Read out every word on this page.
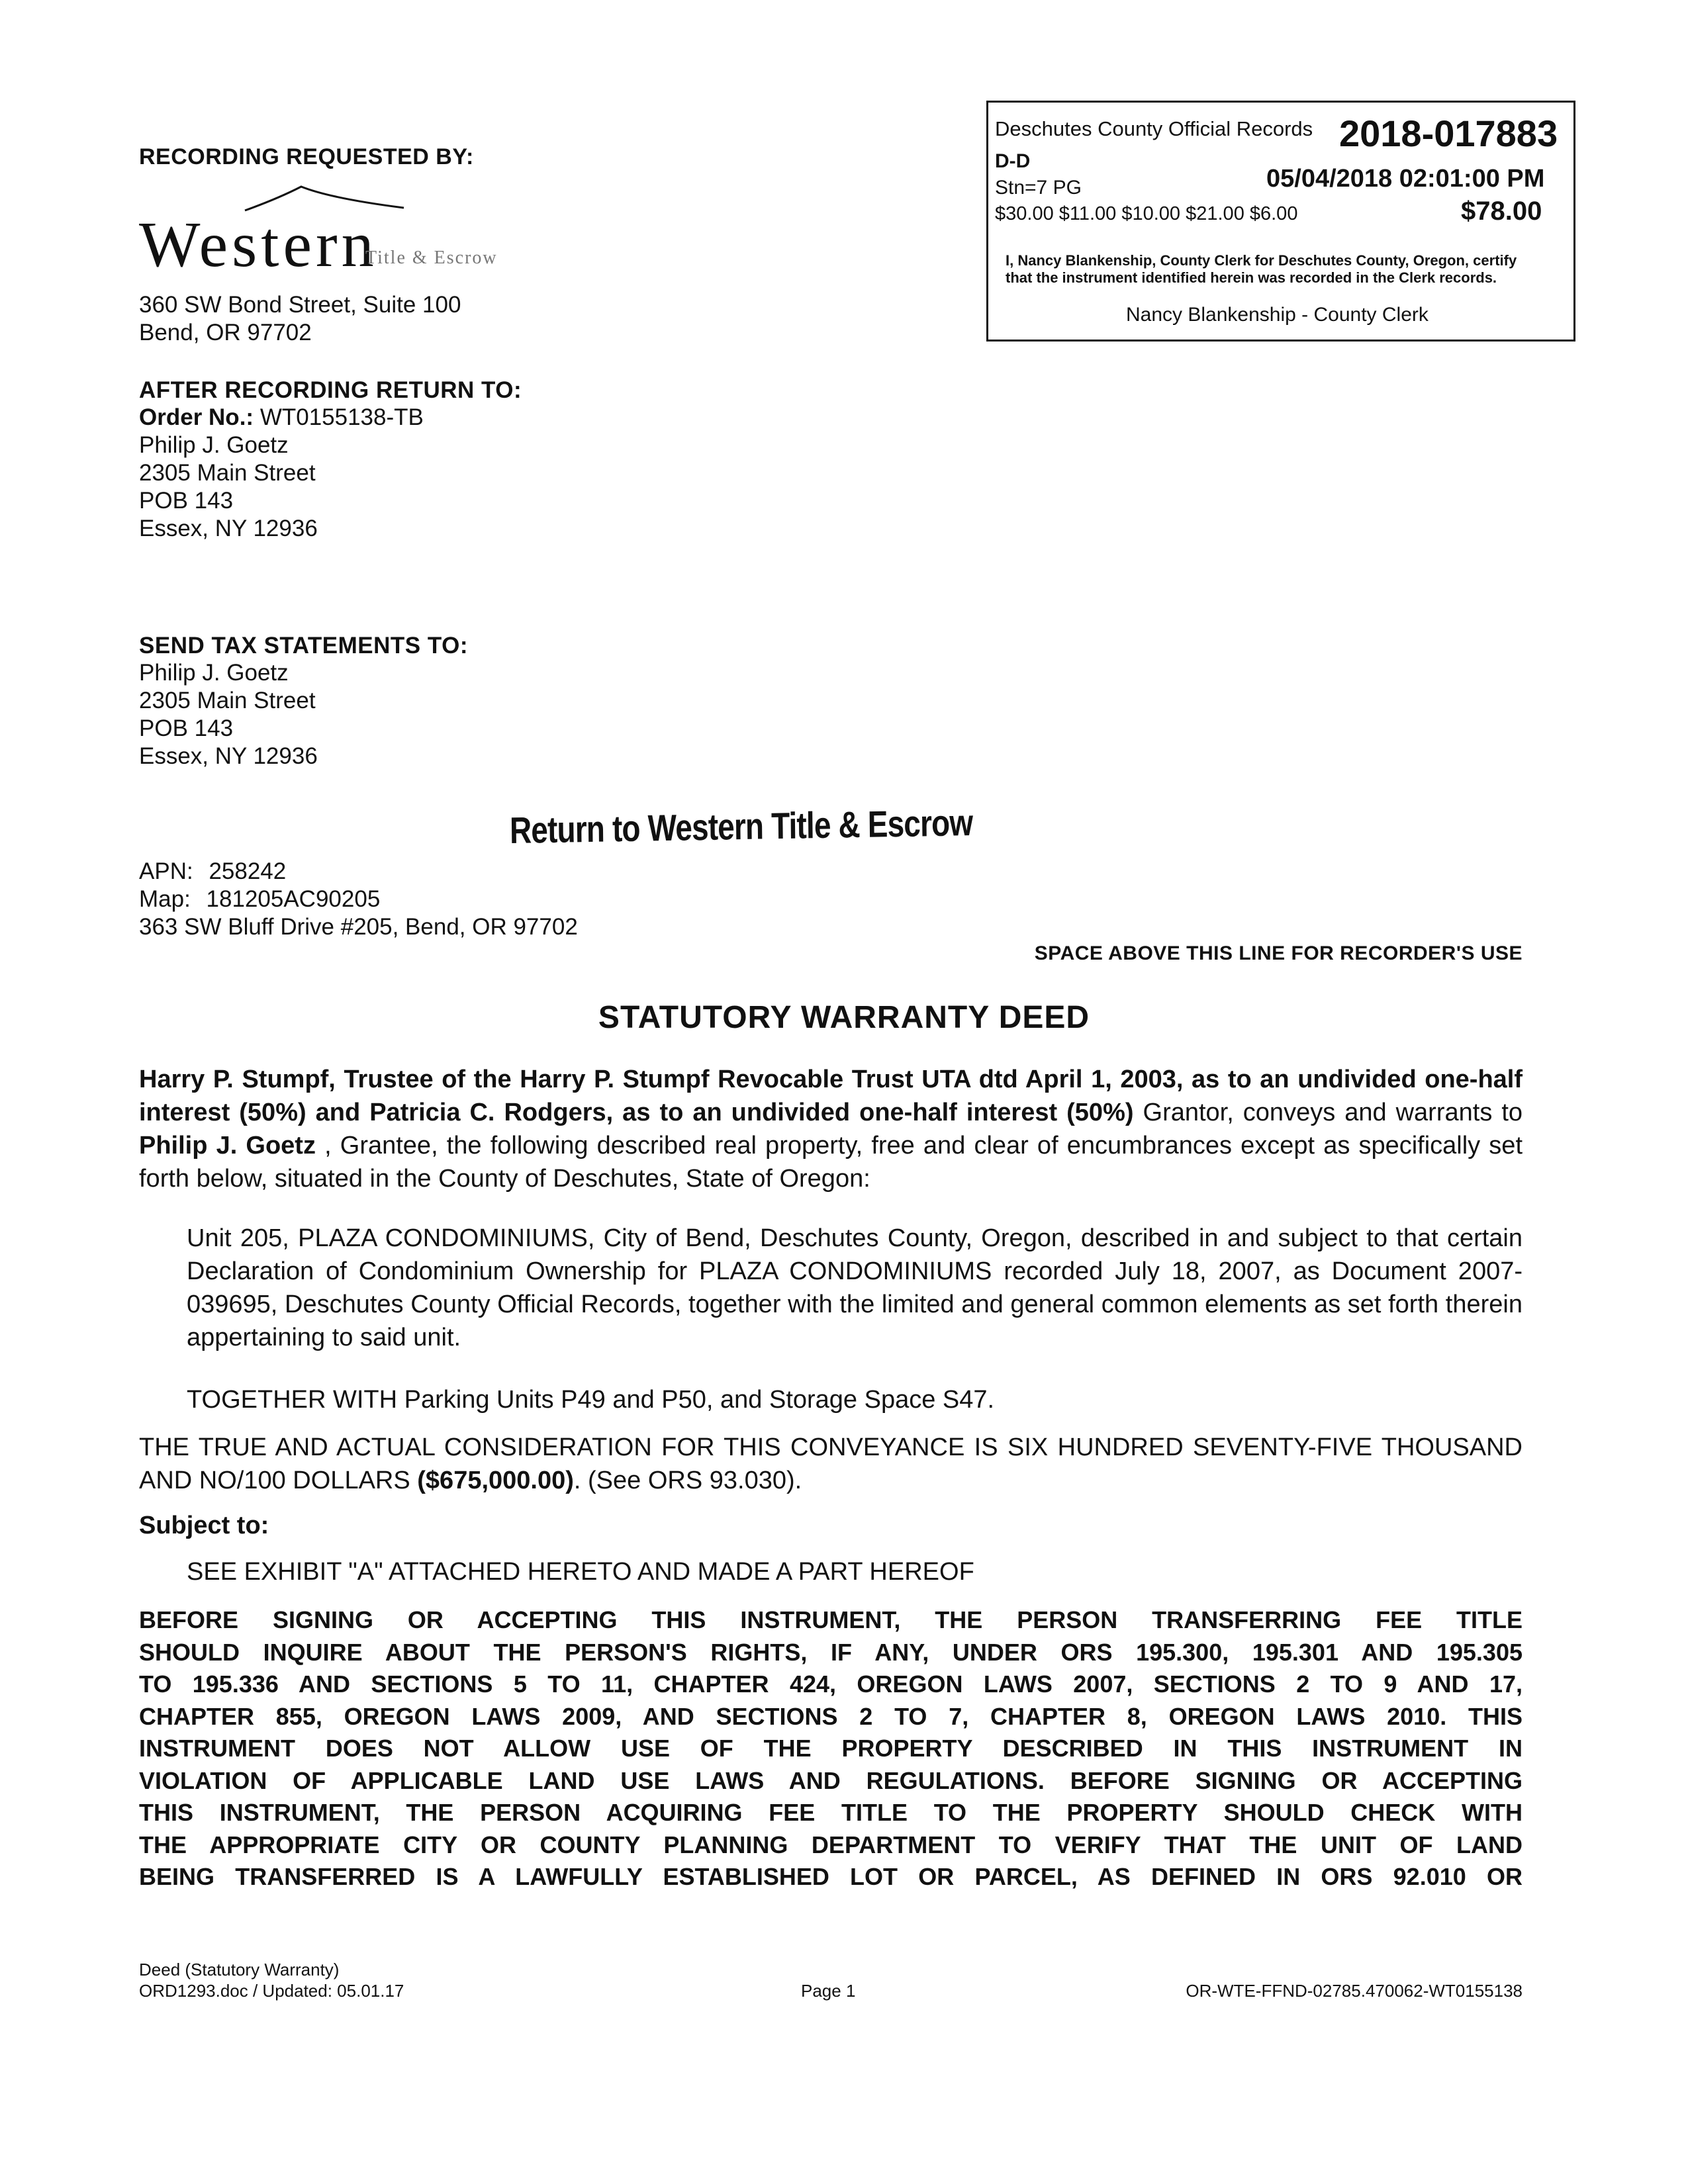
RECORDING REQUESTED BY:
Western
Title & Escrow
360 SW Bond Street, Suite 100
Bend, OR 97702
Deschutes County Official Records 2018-017883
D-D
Stn=7 PG	05/04/2018 02:01:00 PM
$30.00 $11.00 $10.00 $21.00 $6.00	$78.00
I, Nancy Blankenship, County Clerk for Deschutes County, Oregon, certify that the instrument identified herein was recorded in the Clerk records.
Nancy Blankenship - County Clerk
AFTER RECORDING RETURN TO:
Order No.: WT0155138-TB
Philip J. Goetz
2305 Main Street
POB 143
Essex, NY 12936
SEND TAX STATEMENTS TO:
Philip J. Goetz
2305 Main Street
POB 143
Essex, NY 12936
Return to Western Title & Escrow
APN: 258242
Map: 181205AC90205
363 SW Bluff Drive #205, Bend, OR 97702
SPACE ABOVE THIS LINE FOR RECORDER'S USE
STATUTORY WARRANTY DEED
Harry P. Stumpf, Trustee of the Harry P. Stumpf Revocable Trust UTA dtd April 1, 2003, as to an undivided one-half interest (50%) and Patricia C. Rodgers, as to an undivided one-half interest (50%) Grantor, conveys and warrants to Philip J. Goetz , Grantee, the following described real property, free and clear of encumbrances except as specifically set forth below, situated in the County of Deschutes, State of Oregon:
Unit 205, PLAZA CONDOMINIUMS, City of Bend, Deschutes County, Oregon, described in and subject to that certain Declaration of Condominium Ownership for PLAZA CONDOMINIUMS recorded July 18, 2007, as Document 2007-039695, Deschutes County Official Records, together with the limited and general common elements as set forth therein appertaining to said unit.
TOGETHER WITH Parking Units P49 and P50, and Storage Space S47.
THE TRUE AND ACTUAL CONSIDERATION FOR THIS CONVEYANCE IS SIX HUNDRED SEVENTY-FIVE THOUSAND AND NO/100 DOLLARS ($675,000.00). (See ORS 93.030).
Subject to:
SEE EXHIBIT "A" ATTACHED HERETO AND MADE A PART HEREOF
BEFORE SIGNING OR ACCEPTING THIS INSTRUMENT, THE PERSON TRANSFERRING FEE TITLE
SHOULD INQUIRE ABOUT THE PERSON'S RIGHTS, IF ANY, UNDER ORS 195.300, 195.301 AND 195.305
TO 195.336 AND SECTIONS 5 TO 11, CHAPTER 424, OREGON LAWS 2007, SECTIONS 2 TO 9 AND 17,
CHAPTER 855, OREGON LAWS 2009, AND SECTIONS 2 TO 7, CHAPTER 8, OREGON LAWS 2010. THIS
INSTRUMENT DOES NOT ALLOW USE OF THE PROPERTY DESCRIBED IN THIS INSTRUMENT IN
VIOLATION OF APPLICABLE LAND USE LAWS AND REGULATIONS. BEFORE SIGNING OR ACCEPTING
THIS INSTRUMENT, THE PERSON ACQUIRING FEE TITLE TO THE PROPERTY SHOULD CHECK WITH
THE APPROPRIATE CITY OR COUNTY PLANNING DEPARTMENT TO VERIFY THAT THE UNIT OF LAND
BEING TRANSFERRED IS A LAWFULLY ESTABLISHED LOT OR PARCEL, AS DEFINED IN ORS 92.010 OR
Deed (Statutory Warranty)
ORD1293.doc / Updated: 05.01.17	Page 1	OR-WTE-FFND-02785.470062-WT0155138
